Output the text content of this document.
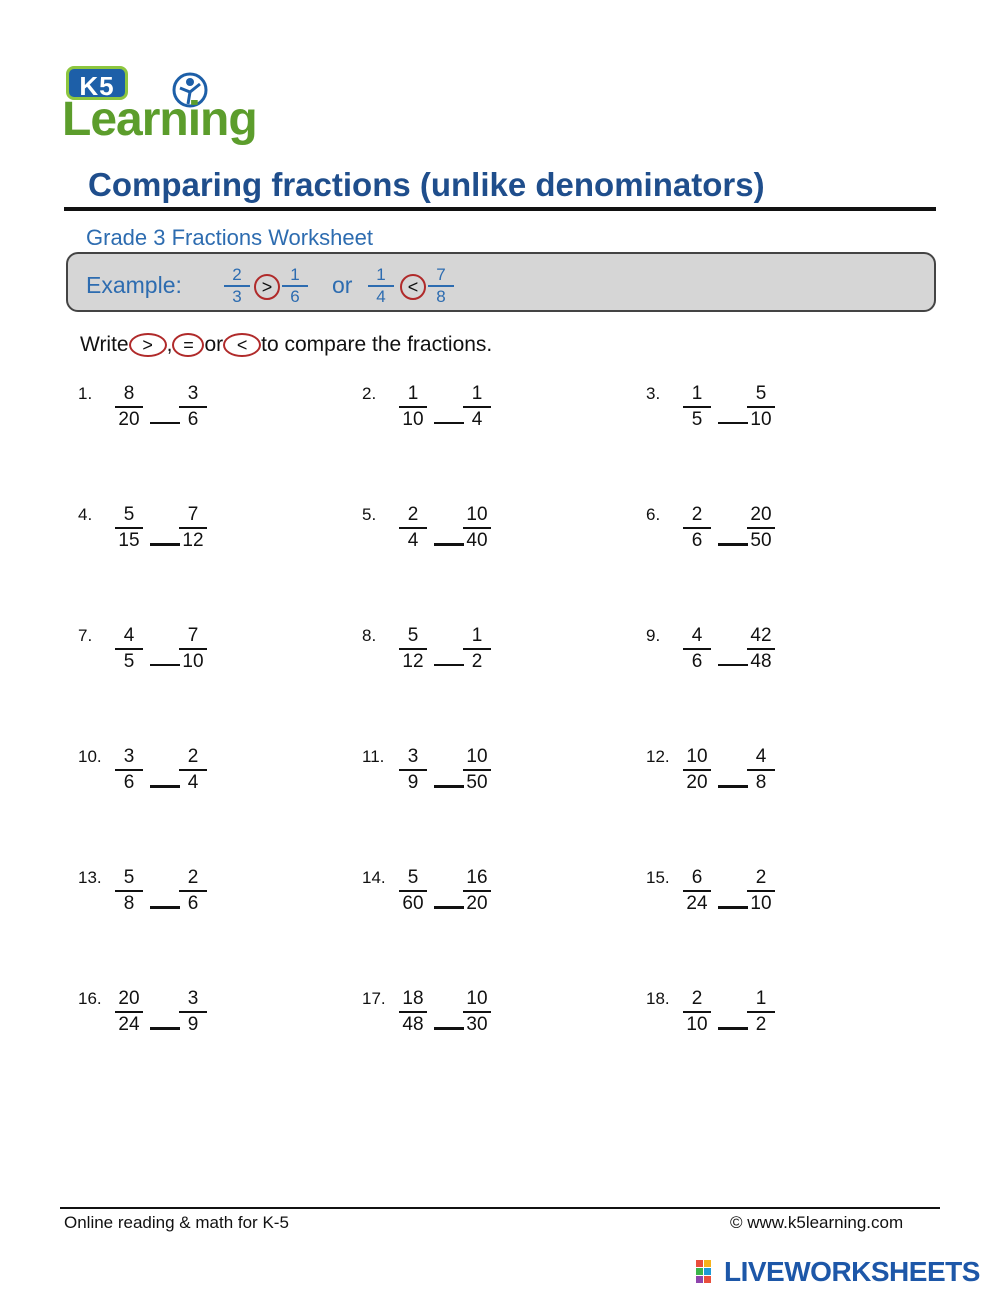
K5
Learning
Comparing fractions (unlike denominators)
Grade 3 Fractions Worksheet
Example:	2
3	>
1
6	or	1
4	<
7
8
Write > , = or < to compare the fractions.
1.	8
20
3
6
2.	1
10
1
4
3.	1
5
5
10
4.	5
15
7
12
5.	2
4
10
40
6.	2
6
20
50
7.	4
5
7
10
8.	5
12
1
2
9.	4
6
42
48
10.	3
6
2
4
11.	3
9
10
50
12. 10
20
4
8
13.	5
8
2
6
14.	5
60
16
20
15.	6
24
2
10
16. 20
24
3
9
17. 18
48
10
30
18.	2
10
1
2
Online reading & math for K-5	© www.k5learning.com
LIVEWORKSHEETS
